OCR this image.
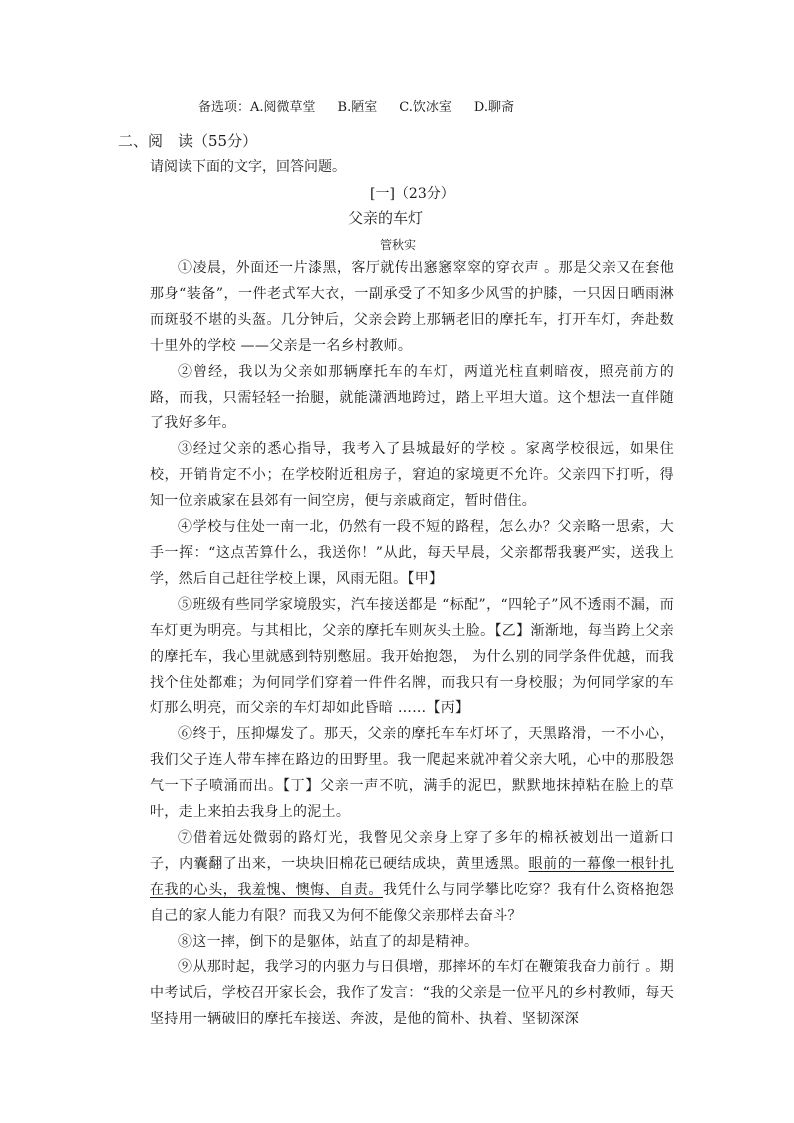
备选项：A.阅微草堂 B.陋室 C.饮冰室 D.聊斋
二、阅　读（55分）
请阅读下面的文字，回答问题。
[一]（23分）
父亲的车灯
管秋实

①凌晨，外面还一片漆黑，客厅就传出窸窸窣窣的穿衣声 。那是父亲又在套他那身“装备”，一件老式军大衣，一副承受了不知多少风雪的护膝，一只因日晒雨淋而斑驳不堪的头盔。几分钟后，父亲会跨上那辆老旧的摩托车，打开车灯，奔赴数十里外的学校 ——父亲是一名乡村教师。

②曾经，我以为父亲如那辆摩托车的车灯，两道光柱直刺暗夜，照亮前方的路，而我，只需轻轻一抬腿，就能潇洒地跨过，踏上平坦大道。这个想法一直伴随了我好多年。

③经过父亲的悉心指导，我考入了县城最好的学校 。家离学校很远，如果住校，开销肯定不小；在学校附近租房子，窘迫的家境更不允许。父亲四下打听，得知一位亲戚家在县郊有一间空房，便与亲戚商定，暂时借住。

④学校与住处一南一北，仍然有一段不短的路程，怎么办？父亲略一思索，大手一挥：“这点苦算什么，我送你！”从此，每天早晨，父亲都帮我裹严实，送我上学，然后自己赶往学校上课，风雨无阻。【甲】

⑤班级有些同学家境殷实，汽车接送都是 “标配”，“四轮子”风不透雨不漏，而车灯更为明亮。与其相比，父亲的摩托车则灰头土脸。【乙】渐渐地，每当跨上父亲的摩托车，我心里就感到特别憋屈。我开始抱怨， 为什么别的同学条件优越，而我找个住处都难；为何同学们穿着一件件名牌，而我只有一身校服；为何同学家的车灯那么明亮，而父亲的车灯却如此昏暗 ……【丙】

⑥终于，压抑爆发了。那天，父亲的摩托车车灯坏了，天黑路滑，一不小心，我们父子连人带车摔在路边的田野里。我一爬起来就冲着父亲大吼，心中的那股怨气一下子喷涌而出。【丁】父亲一声不吭，满手的泥巴，默默地抹掉粘在脸上的草叶，走上来拍去我身上的泥土。

⑦借着远处微弱的路灯光，我瞥见父亲身上穿了多年的棉袄被划出一道新口子，内囊翻了出来，一块块旧棉花已硬结成块，黄里透黑。眼前的一幕像一根针扎在我的心头，我羞愧、懊悔、自责。我凭什么与同学攀比吃穿？我有什么资格抱怨自己的家人能力有限？而我又为何不能像父亲那样去奋斗？

⑧这一摔，倒下的是躯体，站直了的却是精神。

⑨从那时起，我学习的内驱力与日俱增，那摔坏的车灯在鞭策我奋力前行 。期中考试后，学校召开家长会，我作了发言：“我的父亲是一位平凡的乡村教师，每天坚持用一辆破旧的摩托车接送、奔波，是他的简朴、执着、坚韧深深
